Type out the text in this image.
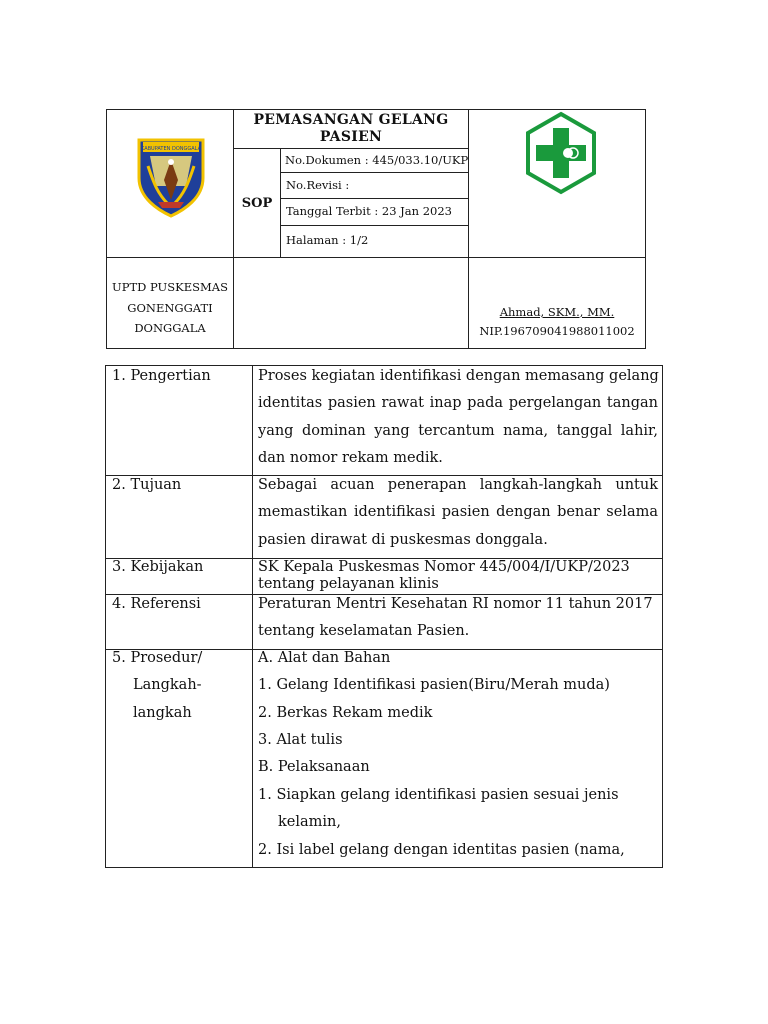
KABUPATEN DONGGALA
PEMASANGAN GELANG
PASIEN
SOP
No.Dokumen : 445/033.10/UKP
No.Revisi :
Tanggal Terbit : 23 Jan 2023
Halaman : 1/2
UPTD PUSKESMAS
GONENGGATI
DONGGALA
Ahmad, SKM., MM.
NIP.196709041988011002
1. Pengertian
2. Tujuan
3. Kebijakan
4. Referensi
5. Prosedur/
Langkah-
langkah
Proses kegiatan identifikasi dengan memasang gelang
identitas pasien rawat inap pada pergelangan tangan
yang dominan yang tercantum nama, tanggal lahir,
dan nomor rekam medik.
Sebagai acuan penerapan langkah-langkah untuk
memastikan identifikasi pasien dengan benar selama
pasien dirawat di puskesmas donggala.
SK Kepala Puskesmas Nomor 445/004/I/UKP/2023
tentang pelayanan klinis
Peraturan Mentri Kesehatan RI nomor 11 tahun 2017
tentang keselamatan Pasien.
A. Alat dan Bahan
1. Gelang Identifikasi pasien(Biru/Merah muda)
2. Berkas Rekam medik
3. Alat tulis
B. Pelaksanaan
1. Siapkan gelang identifikasi pasien sesuai jenis
kelamin,
2. Isi label gelang dengan identitas pasien (nama,
